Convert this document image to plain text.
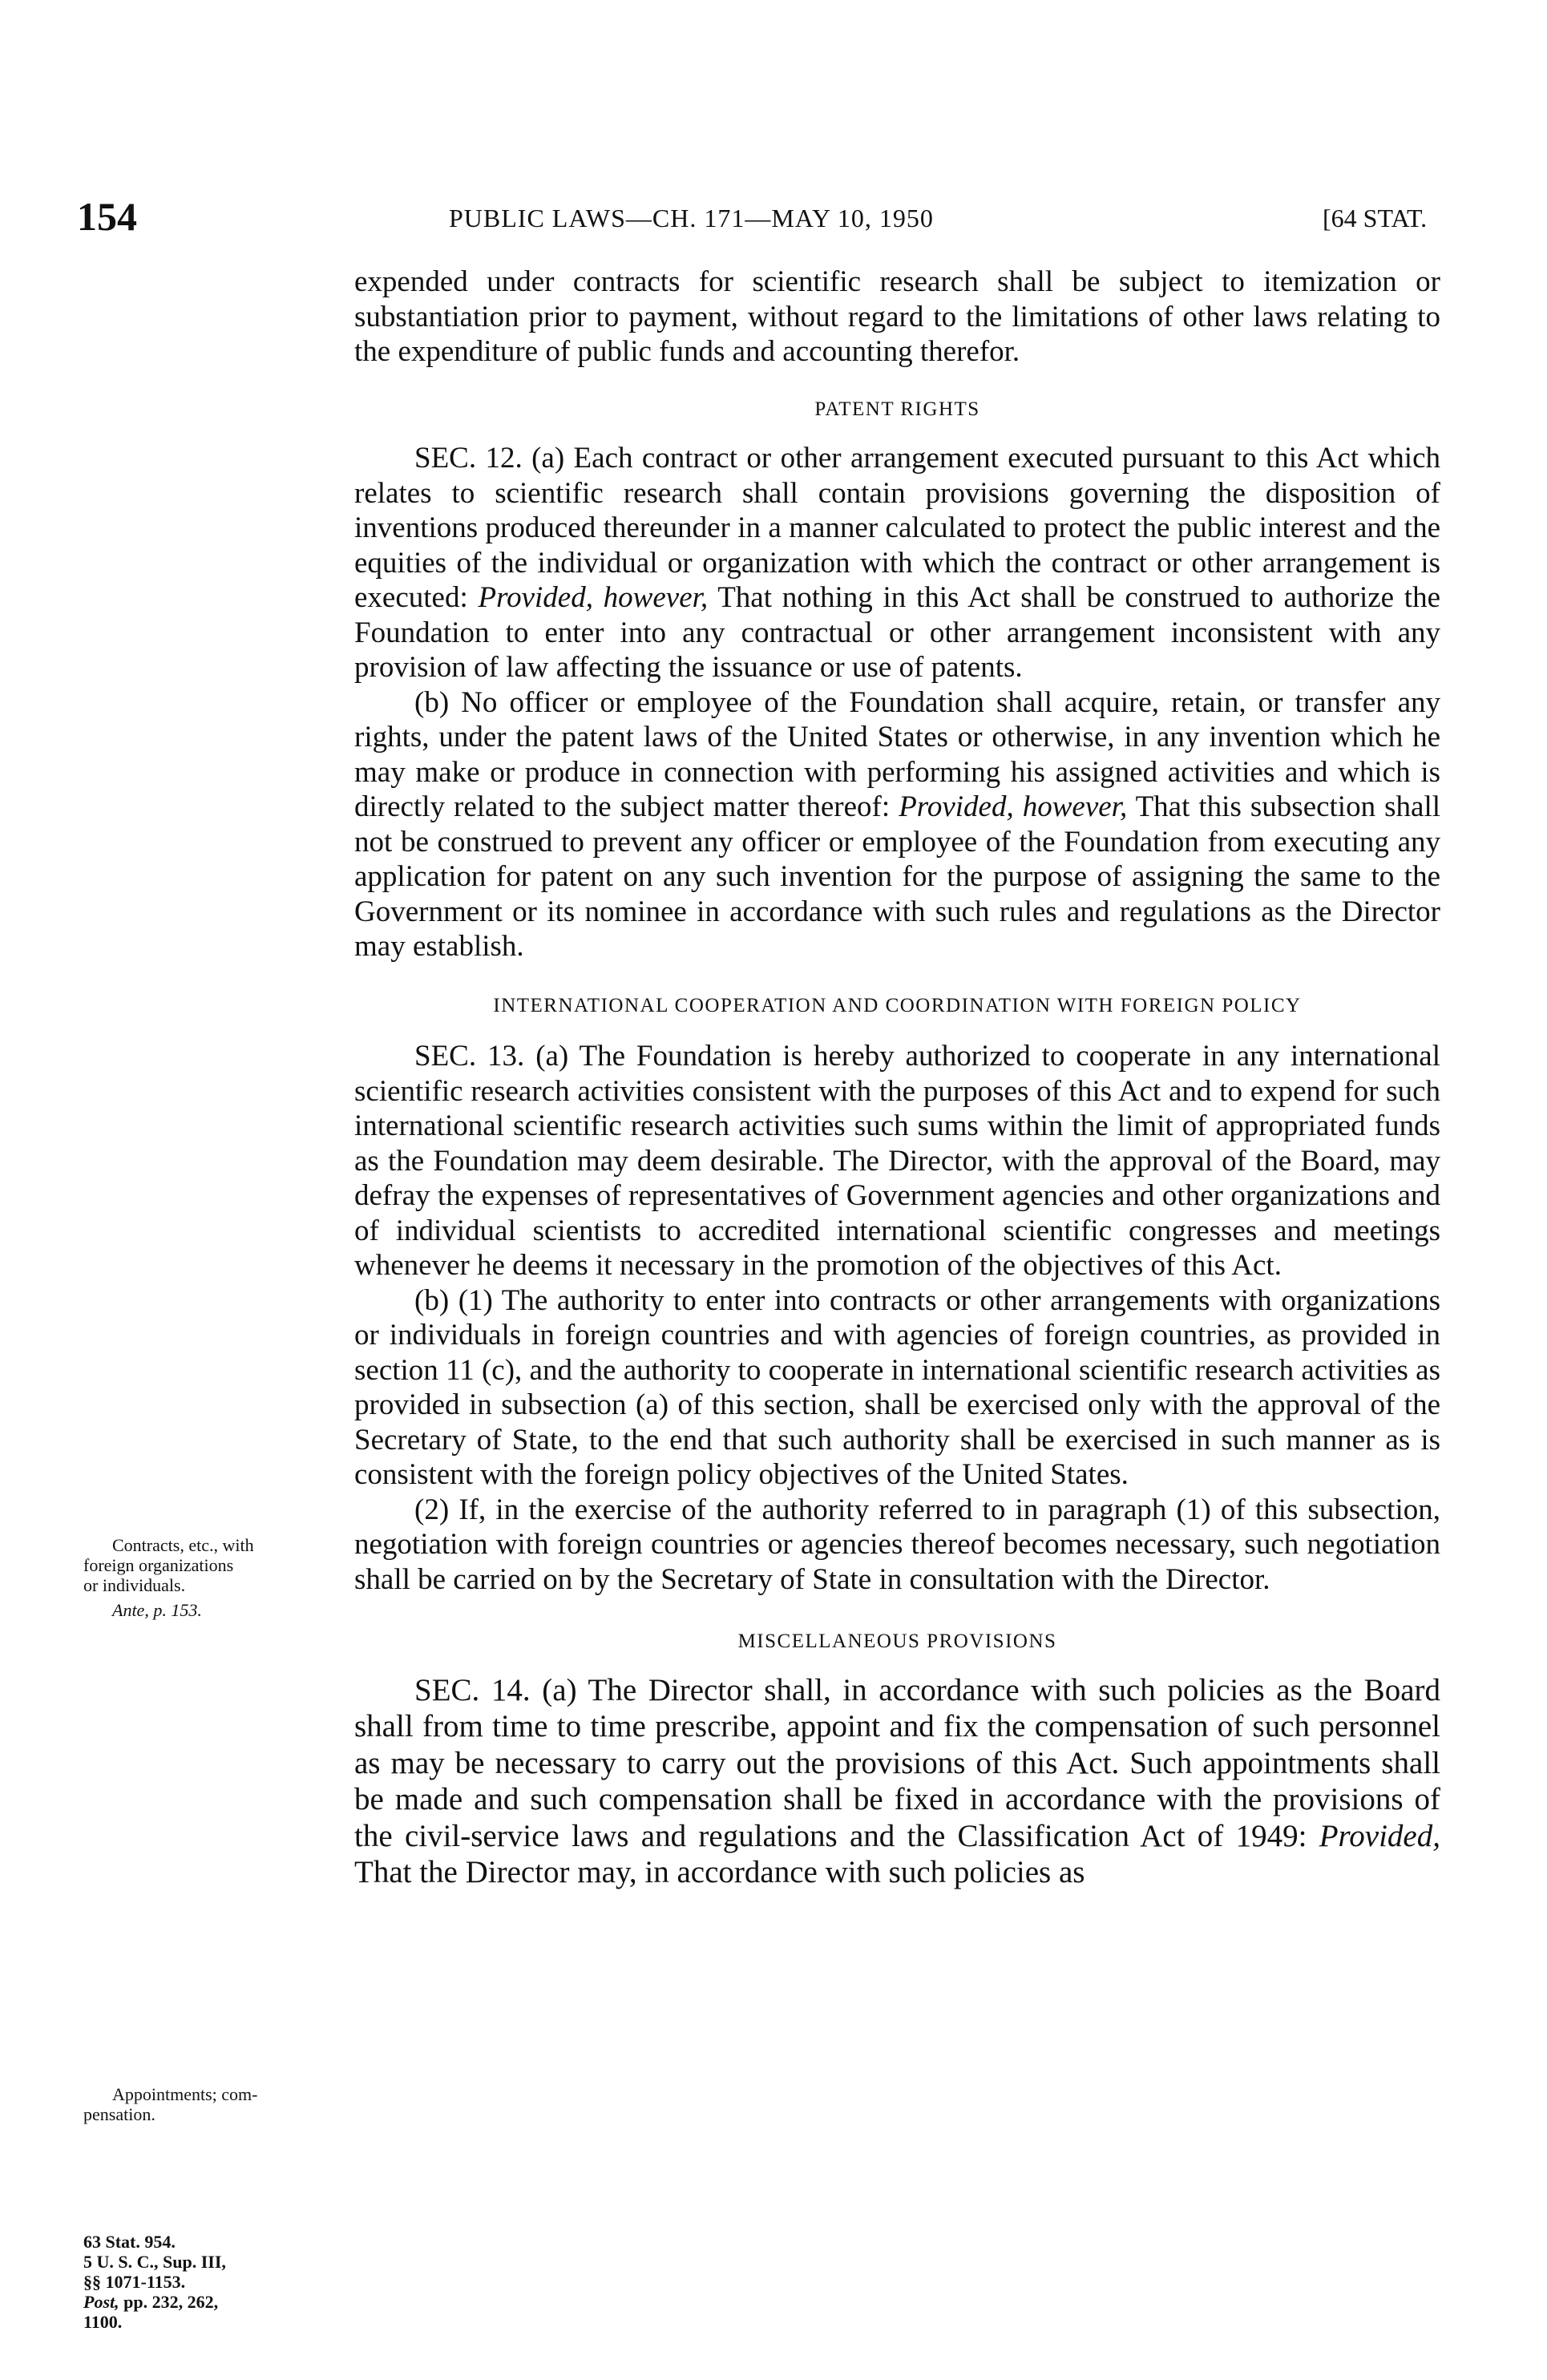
154	PUBLIC LAWS—CH. 171—MAY 10, 1950	[64 STAT.

expended under contracts for scientific research shall be subject to itemization or substantiation prior to payment, without regard to the limitations of other laws relating to the expenditure of public funds and accounting therefor.

PATENT RIGHTS

SEC. 12. (a) Each contract or other arrangement executed pursuant to this Act which relates to scientific research shall contain provisions governing the disposition of inventions produced thereunder in a manner calculated to protect the public interest and the equities of the individual or organization with which the contract or other arrangement is executed: Provided, however, That nothing in this Act shall be construed to authorize the Foundation to enter into any contractual or other arrangement inconsistent with any provision of law affecting the issuance or use of patents.

(b) No officer or employee of the Foundation shall acquire, retain, or transfer any rights, under the patent laws of the United States or otherwise, in any invention which he may make or produce in connection with performing his assigned activities and which is directly related to the subject matter thereof: Provided, however, That this subsection shall not be construed to prevent any officer or employee of the Foundation from executing any application for patent on any such invention for the purpose of assigning the same to the Government or its nominee in accordance with such rules and regulations as the Director may establish.

INTERNATIONAL COOPERATION AND COORDINATION WITH FOREIGN POLICY

SEC. 13. (a) The Foundation is hereby authorized to cooperate in any international scientific research activities consistent with the purposes of this Act and to expend for such international scientific research activities such sums within the limit of appropriated funds as the Foundation may deem desirable. The Director, with the approval of the Board, may defray the expenses of representatives of Government agencies and other organizations and of individual scientists to accredited international scientific congresses and meetings whenever he deems it necessary in the promotion of the objectives of this Act.

(b) (1) The authority to enter into contracts or other arrangements with organizations or individuals in foreign countries and with agencies of foreign countries, as provided in section 11 (c), and the authority to cooperate in international scientific research activities as provided in subsection (a) of this section, shall be exercised only with the approval of the Secretary of State, to the end that such authority shall be exercised in such manner as is consistent with the foreign policy objectives of the United States.

(2) If, in the exercise of the authority referred to in paragraph (1) of this subsection, negotiation with foreign countries or agencies thereof becomes necessary, such negotiation shall be carried on by the Secretary of State in consultation with the Director.

MISCELLANEOUS PROVISIONS

SEC. 14. (a) The Director shall, in accordance with such policies as the Board shall from time to time prescribe, appoint and fix the compensation of such personnel as may be necessary to carry out the provisions of this Act. Such appointments shall be made and such compensation shall be fixed in accordance with the provisions of the civil-service laws and regulations and the Classification Act of 1949: Provided, That the Director may, in accordance with such policies as

Contracts, etc., with
foreign organizations
or individuals.
Ante, p. 153.
Appointments; com-
pensation.
63 Stat. 954.
5 U. S. C., Sup. III,
§§ 1071-1153.
Post, pp. 232, 262,
1100.
